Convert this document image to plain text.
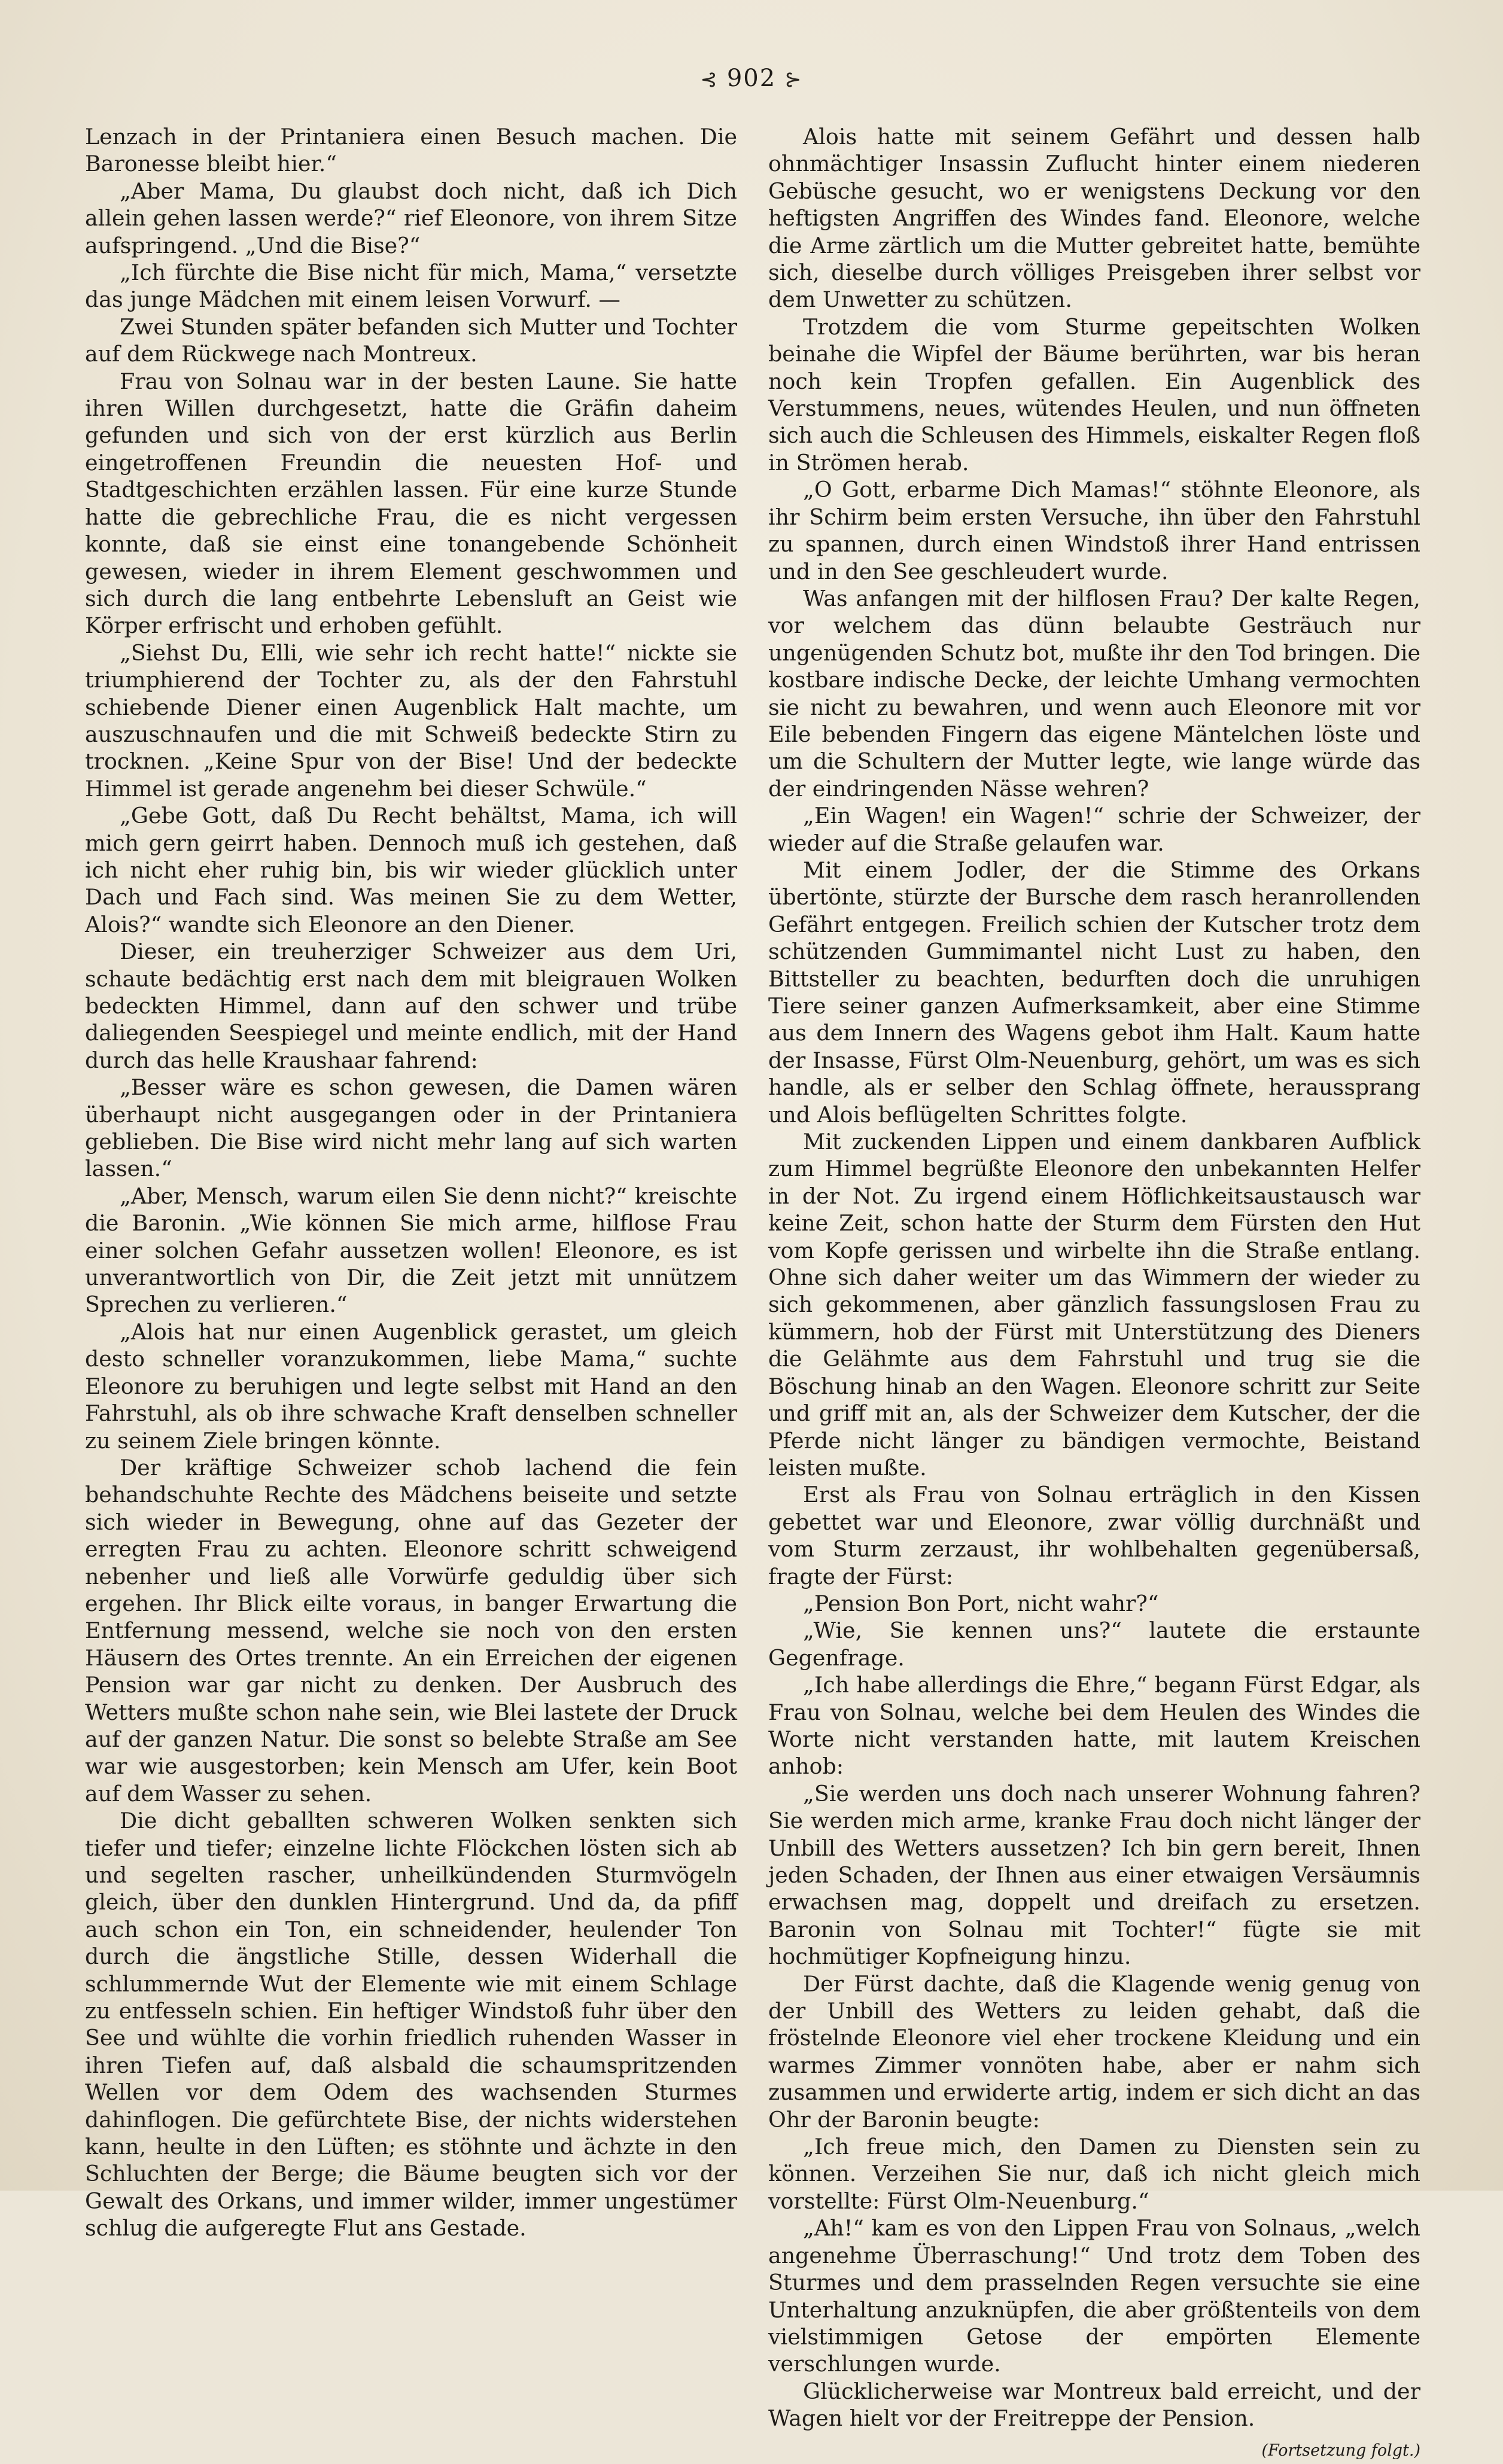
⊰ 902 ⊱

Lenzach in der Printaniera einen Besuch machen. Die Baronesse bleibt hier.“

„Aber Mama, Du glaubst doch nicht, daß ich Dich allein gehen lassen werde?“ rief Eleonore, von ihrem Sitze aufspringend. „Und die Bise?“

„Ich fürchte die Bise nicht für mich, Mama,“ versetzte das junge Mädchen mit einem leisen Vorwurf. —

Zwei Stunden später befanden sich Mutter und Tochter auf dem Rückwege nach Montreux.

Frau von Solnau war in der besten Laune. Sie hatte ihren Willen durchgesetzt, hatte die Gräfin daheim gefunden und sich von der erst kürzlich aus Berlin eingetroffenen Freundin die neuesten Hof- und Stadtgeschichten erzählen lassen. Für eine kurze Stunde hatte die gebrechliche Frau, die es nicht vergessen konnte, daß sie einst eine tonangebende Schönheit gewesen, wieder in ihrem Element geschwommen und sich durch die lang entbehrte Lebensluft an Geist wie Körper erfrischt und erhoben gefühlt.

„Siehst Du, Elli, wie sehr ich recht hatte!“ nickte sie triumphierend der Tochter zu, als der den Fahrstuhl schiebende Diener einen Augenblick Halt machte, um auszuschnaufen und die mit Schweiß bedeckte Stirn zu trocknen. „Keine Spur von der Bise! Und der bedeckte Himmel ist gerade angenehm bei dieser Schwüle.“

„Gebe Gott, daß Du Recht behältst, Mama, ich will mich gern geirrt haben. Dennoch muß ich gestehen, daß ich nicht eher ruhig bin, bis wir wieder glücklich unter Dach und Fach sind. Was meinen Sie zu dem Wetter, Alois?“ wandte sich Eleonore an den Diener.

Dieser, ein treuherziger Schweizer aus dem Uri, schaute bedächtig erst nach dem mit bleigrauen Wolken bedeckten Himmel, dann auf den schwer und trübe daliegenden Seespiegel und meinte endlich, mit der Hand durch das helle Kraushaar fahrend:

„Besser wäre es schon gewesen, die Damen wären überhaupt nicht ausgegangen oder in der Printaniera geblieben. Die Bise wird nicht mehr lang auf sich warten lassen.“

„Aber, Mensch, warum eilen Sie denn nicht?“ kreischte die Baronin. „Wie können Sie mich arme, hilflose Frau einer solchen Gefahr aussetzen wollen! Eleonore, es ist unverantwortlich von Dir, die Zeit jetzt mit unnützem Sprechen zu verlieren.“

„Alois hat nur einen Augenblick gerastet, um gleich desto schneller voranzukommen, liebe Mama,“ suchte Eleonore zu beruhigen und legte selbst mit Hand an den Fahrstuhl, als ob ihre schwache Kraft denselben schneller zu seinem Ziele bringen könnte.

Der kräftige Schweizer schob lachend die fein behandschuhte Rechte des Mädchens beiseite und setzte sich wieder in Bewegung, ohne auf das Gezeter der erregten Frau zu achten. Eleonore schritt schweigend nebenher und ließ alle Vorwürfe geduldig über sich ergehen. Ihr Blick eilte voraus, in banger Erwartung die Entfernung messend, welche sie noch von den ersten Häusern des Ortes trennte. An ein Erreichen der eigenen Pension war gar nicht zu denken. Der Ausbruch des Wetters mußte schon nahe sein, wie Blei lastete der Druck auf der ganzen Natur. Die sonst so belebte Straße am See war wie ausgestorben; kein Mensch am Ufer, kein Boot auf dem Wasser zu sehen.

Die dicht geballten schweren Wolken senkten sich tiefer und tiefer; einzelne lichte Flöckchen lösten sich ab und segelten rascher, unheilkündenden Sturmvögeln gleich, über den dunklen Hintergrund. Und da, da pfiff auch schon ein Ton, ein schneidender, heulender Ton durch die ängstliche Stille, dessen Widerhall die schlummernde Wut der Elemente wie mit einem Schlage zu entfesseln schien. Ein heftiger Windstoß fuhr über den See und wühlte die vorhin friedlich ruhenden Wasser in ihren Tiefen auf, daß alsbald die schaumspritzenden Wellen vor dem Odem des wachsenden Sturmes dahinflogen. Die gefürchtete Bise, der nichts widerstehen kann, heulte in den Lüften; es stöhnte und ächzte in den Schluchten der Berge; die Bäume beugten sich vor der Gewalt des Orkans, und immer wilder, immer ungestümer schlug die aufgeregte Flut ans Gestade.

Alois hatte mit seinem Gefährt und dessen halb ohnmächtiger Insassin Zuflucht hinter einem niederen Gebüsche gesucht, wo er wenigstens Deckung vor den heftigsten Angriffen des Windes fand. Eleonore, welche die Arme zärtlich um die Mutter gebreitet hatte, bemühte sich, dieselbe durch völliges Preisgeben ihrer selbst vor dem Unwetter zu schützen.

Trotzdem die vom Sturme gepeitschten Wolken beinahe die Wipfel der Bäume berührten, war bis heran noch kein Tropfen gefallen. Ein Augenblick des Verstummens, neues, wütendes Heulen, und nun öffneten sich auch die Schleusen des Himmels, eiskalter Regen floß in Strömen herab.

„O Gott, erbarme Dich Mamas!“ stöhnte Eleonore, als ihr Schirm beim ersten Versuche, ihn über den Fahrstuhl zu spannen, durch einen Windstoß ihrer Hand entrissen und in den See geschleudert wurde.

Was anfangen mit der hilflosen Frau? Der kalte Regen, vor welchem das dünn belaubte Gesträuch nur ungenügenden Schutz bot, mußte ihr den Tod bringen. Die kostbare indische Decke, der leichte Umhang vermochten sie nicht zu bewahren, und wenn auch Eleonore mit vor Eile bebenden Fingern das eigene Mäntelchen löste und um die Schultern der Mutter legte, wie lange würde das der eindringenden Nässe wehren?

„Ein Wagen! ein Wagen!“ schrie der Schweizer, der wieder auf die Straße gelaufen war.

Mit einem Jodler, der die Stimme des Orkans übertönte, stürzte der Bursche dem rasch heranrollenden Gefährt entgegen. Freilich schien der Kutscher trotz dem schützenden Gummimantel nicht Lust zu haben, den Bittsteller zu beachten, bedurften doch die unruhigen Tiere seiner ganzen Aufmerksamkeit, aber eine Stimme aus dem Innern des Wagens gebot ihm Halt. Kaum hatte der Insasse, Fürst Olm-Neuenburg, gehört, um was es sich handle, als er selber den Schlag öffnete, heraussprang und Alois beflügelten Schrittes folgte.

Mit zuckenden Lippen und einem dankbaren Aufblick zum Himmel begrüßte Eleonore den unbekannten Helfer in der Not. Zu irgend einem Höflichkeitsaustausch war keine Zeit, schon hatte der Sturm dem Fürsten den Hut vom Kopfe gerissen und wirbelte ihn die Straße entlang. Ohne sich daher weiter um das Wimmern der wieder zu sich gekommenen, aber gänzlich fassungslosen Frau zu kümmern, hob der Fürst mit Unterstützung des Dieners die Gelähmte aus dem Fahrstuhl und trug sie die Böschung hinab an den Wagen. Eleonore schritt zur Seite und griff mit an, als der Schweizer dem Kutscher, der die Pferde nicht länger zu bändigen vermochte, Beistand leisten mußte.

Erst als Frau von Solnau erträglich in den Kissen gebettet war und Eleonore, zwar völlig durchnäßt und vom Sturm zerzaust, ihr wohlbehalten gegenübersaß, fragte der Fürst:

„Pension Bon Port, nicht wahr?“

„Wie, Sie kennen uns?“ lautete die erstaunte Gegenfrage.

„Ich habe allerdings die Ehre,“ begann Fürst Edgar, als Frau von Solnau, welche bei dem Heulen des Windes die Worte nicht verstanden hatte, mit lautem Kreischen anhob:

„Sie werden uns doch nach unserer Wohnung fahren? Sie werden mich arme, kranke Frau doch nicht länger der Unbill des Wetters aussetzen? Ich bin gern bereit, Ihnen jeden Schaden, der Ihnen aus einer etwaigen Versäumnis erwachsen mag, doppelt und dreifach zu ersetzen. Baronin von Solnau mit Tochter!“ fügte sie mit hochmütiger Kopfneigung hinzu.

Der Fürst dachte, daß die Klagende wenig genug von der Unbill des Wetters zu leiden gehabt, daß die fröstelnde Eleonore viel eher trockene Kleidung und ein warmes Zimmer vonnöten habe, aber er nahm sich zusammen und erwiderte artig, indem er sich dicht an das Ohr der Baronin beugte:

„Ich freue mich, den Damen zu Diensten sein zu können. Verzeihen Sie nur, daß ich nicht gleich mich vorstellte: Fürst Olm-Neuenburg.“

„Ah!“ kam es von den Lippen Frau von Solnaus, „welch angenehme Überraschung!“ Und trotz dem Toben des Sturmes und dem prasselnden Regen versuchte sie eine Unterhaltung anzuknüpfen, die aber größtenteils von dem vielstimmigen Getose der empörten Elemente verschlungen wurde.

Glücklicherweise war Montreux bald erreicht, und der Wagen hielt vor der Freitreppe der Pension.
(Fortsetzung folgt.)
